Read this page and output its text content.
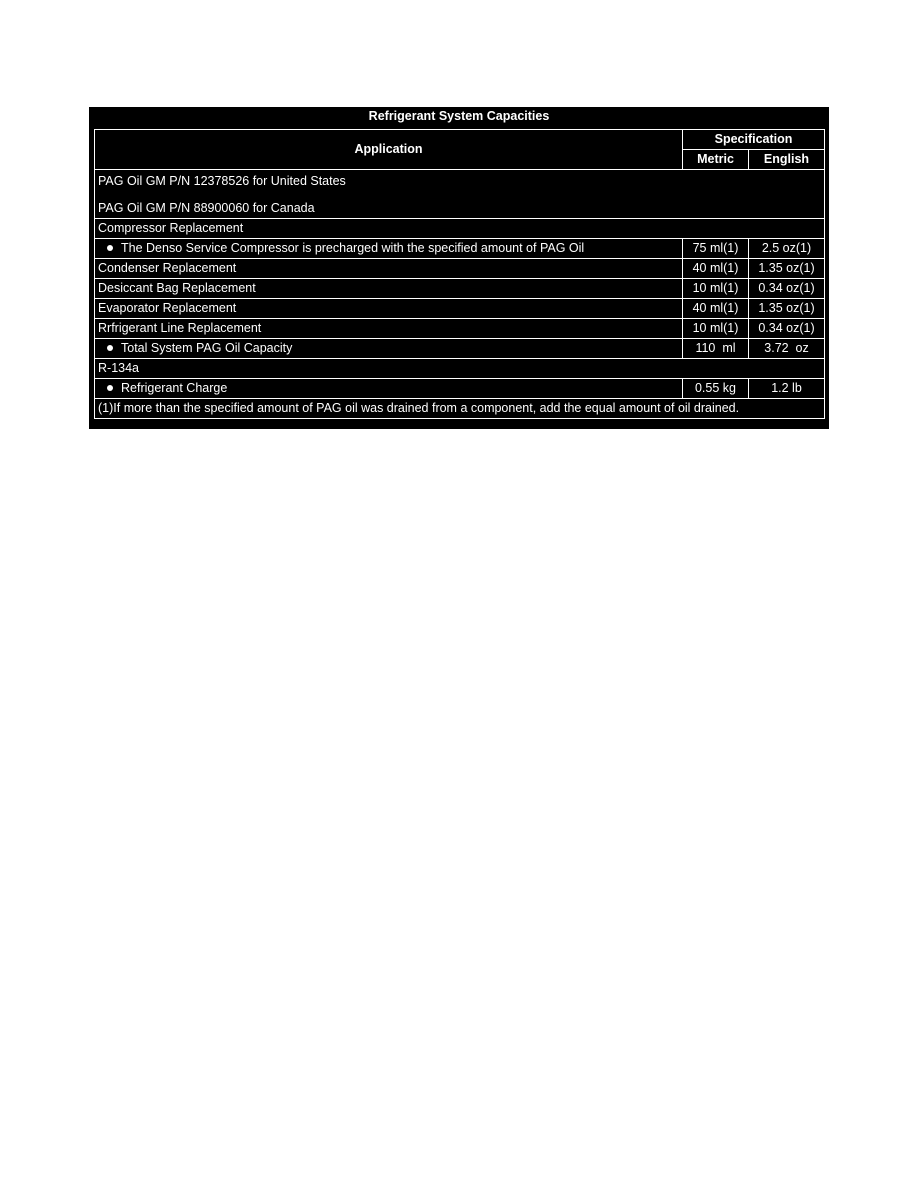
Refrigerant System Capacities
Application	Specification	
	Metric	English

PAG Oil GM P/N 12378526 for United States
PAG Oil GM P/N 88900060 for Canada		

Compressor Replacement		
The Denso Service Compressor is precharged with the specified amount of PAG Oil	75 ml(1)	2.5 oz(1)
Condenser Replacement	40 ml(1)	1.35 oz(1)
Desiccant Bag Replacement	10 ml(1)	0.34 oz(1)
Evaporator Replacement	40 ml(1)	1.35 oz(1)
Rrfrigerant Line Replacement	10 ml(1)	0.34 oz(1)
Total System PAG Oil Capacity	110  ml	3.72  oz
R-134a		
Refrigerant Charge	0.55 kg	1.2 lb
(1)If more than the specified amount of PAG oil was drained from a component, add the equal amount of oil drained.		
